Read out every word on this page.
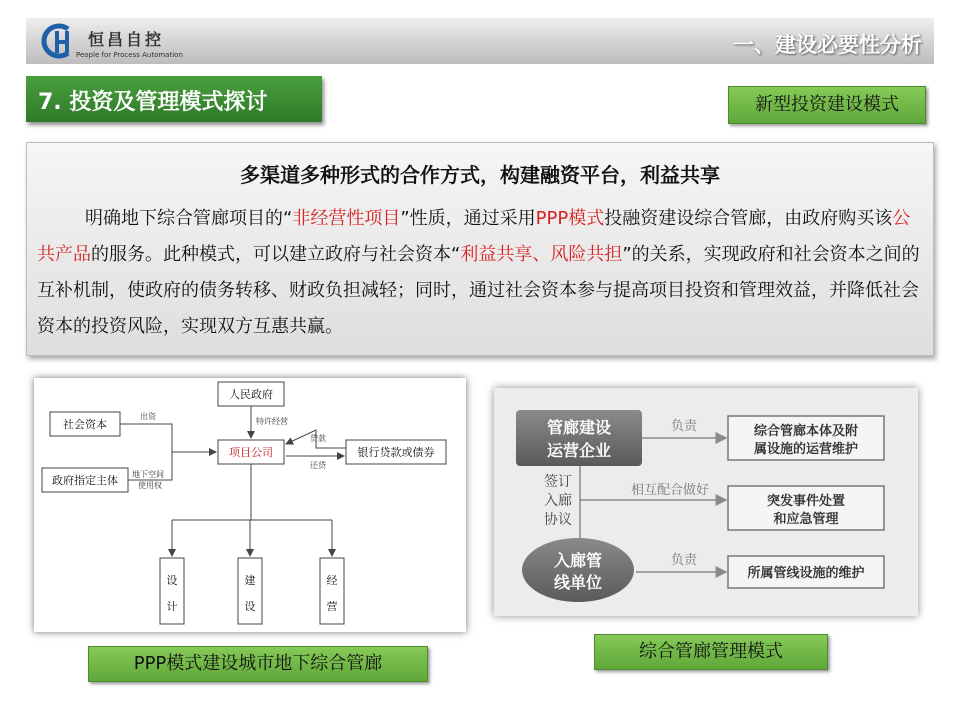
恒昌自控
People for Process Automation	一、建设必要性分析
7. 投资及管理模式探讨	新型投资建设模式
多渠道多种形式的合作方式，构建融资平台，利益共享
明确地下综合管廊项目的“非经营性项目”性质，通过采用PPP模式投融资建设综合管廊，由政府购买该公共产品的服务。此种模式，可以建立政府与社会资本“利益共享、风险共担”的关系，实现政府和社会资本之间的互补机制，使政府的债务转移、财政负担减轻；同时，通过社会资本参与提高项目投资和管理效益，并降低社会资本的投资风险，实现双方互惠共赢。
人民政府
社会资本
政府指定主体
项目公司	银行贷款或债券
设
计
建
设
经
营
出资
特许经营
贷款
还贷
地下空间
使用权
PPP模式建设城市地下综合管廊
管廊建设
运营企业
入廊管
线单位
签订
入廊
协议
负责
相互配合做好
负责
综合管廊本体及附
属设施的运营维护
突发事件处置
和应急管理
所属管线设施的维护
综合管廊管理模式
